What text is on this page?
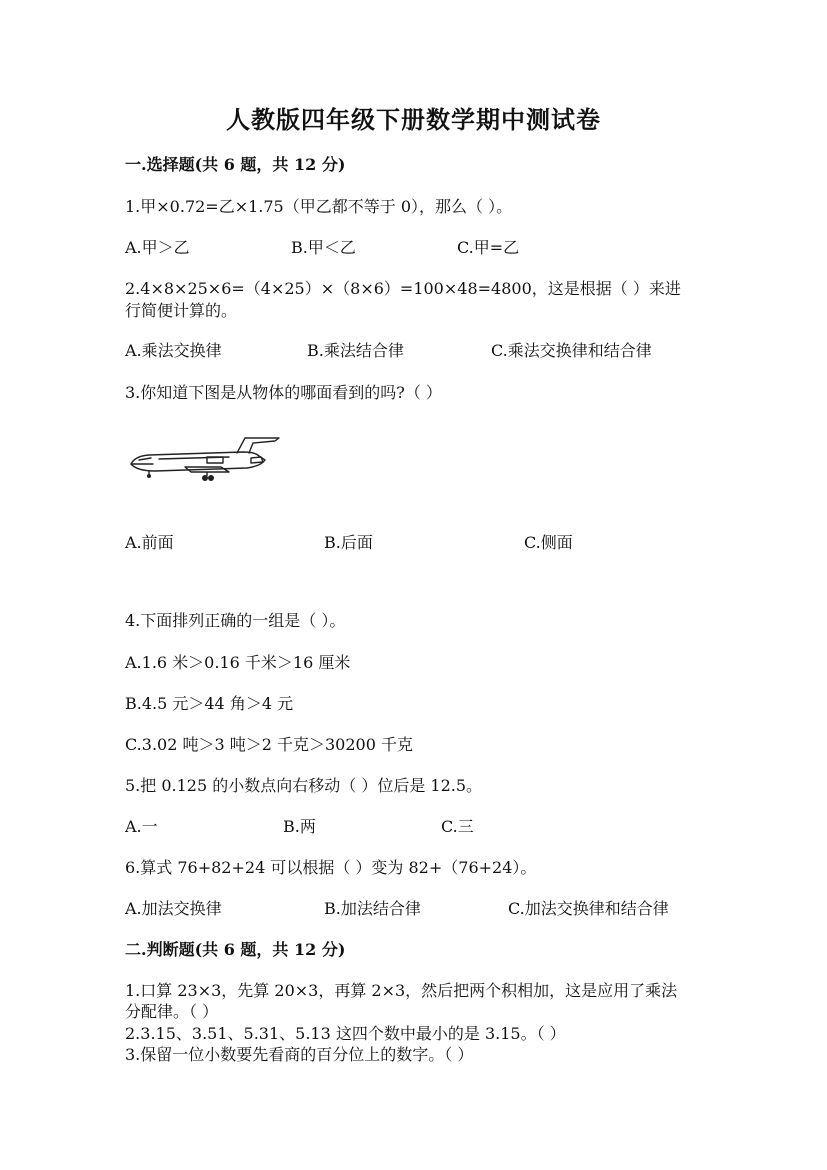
人教版四年级下册数学期中测试卷
一.选择题(共 6 题，共 12 分)
1.甲×0.72=乙×1.75（甲乙都不等于 0），那么（ ）。
A.甲＞乙	B.甲＜乙	C.甲=乙
2.4×8×25×6=（4×25）×（8×6）=100×48=4800，这是根据（ ）来进
行简便计算的。
A.乘法交换律	B.乘法结合律	C.乘法交换律和结合律
3.你知道下图是从物体的哪面看到的吗?（ ）
A.前面	B.后面	C.侧面
4.下面排列正确的一组是（ ）。
A.1.6 米＞0.16 千米＞16 厘米
B.4.5 元＞44 角＞4 元
C.3.02 吨＞3 吨＞2 千克＞30200 千克
5.把 0.125 的小数点向右移动（ ）位后是 12.5。
A.一	B.两	C.三
6.算式 76+82+24 可以根据（ ）变为 82+（76+24）。
A.加法交换律	B.加法结合律	C.加法交换律和结合律
二.判断题(共 6 题，共 12 分)
1.口算 23×3，先算 20×3，再算 2×3，然后把两个积相加，这是应用了乘法
分配律。（ ）
2.3.15、3.51、5.31、5.13 这四个数中最小的是 3.15。（ ）
3.保留一位小数要先看商的百分位上的数字。（ ）
